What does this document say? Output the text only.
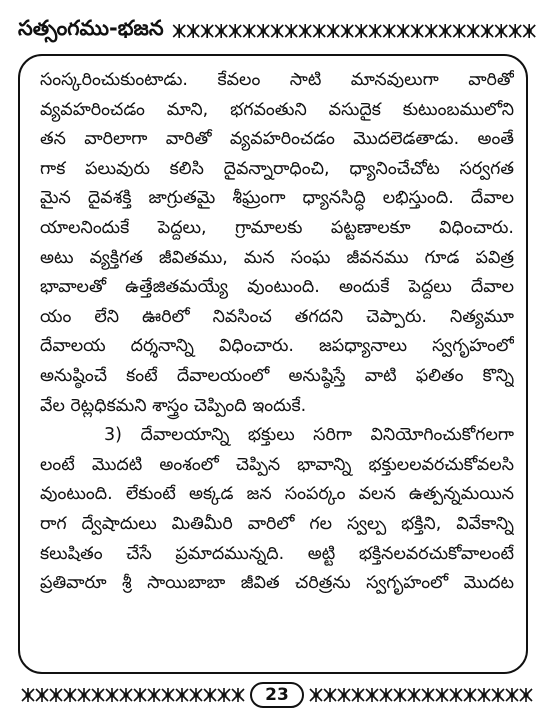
సత్సంగము-భజన
సంస్కరించుకుంటాడు. కేవలం సాటి మానవులుగా వారితో
వ్యవహరించడం మాని, భగవంతుని వసుదైక కుటుంబములోని
తన వారిలాగా వారితో వ్యవహరించడం మొదలెడతాడు. అంతే
గాక పలువురు కలిసి దైవన్నారాధించి, ధ్యానించేచోట సర్వగత
మైన దైవశక్తి జాగ్రుతమై శీఘ్రంగా ధ్యానసిద్ధి లభిస్తుంది. దేవాల
యాలనిందుకే పెద్దలు, గ్రామాలకు పట్టణాలకూ విధించారు.
అటు వ్యక్తిగత జీవితము, మన సంఘ జీవనము గూడ పవిత్ర
భావాలతో ఉత్తేజితమయ్యే వుంటుంది. అందుకే పెద్దలు దేవాల
యం లేని ఊరిలో నివసించ తగదని చెప్పారు. నిత్యమూ
దేవాలయ దర్శనాన్ని విధించారు. జపధ్యానాలు స్వగృహంలో
అనుష్ఠించే కంటే దేవాలయంలో అనుష్ఠిస్తే వాటి ఫలితం కొన్ని
వేల రెట్లధికమని శాస్త్రం చెప్పింది ఇందుకే.
3) దేవాలయాన్ని భక్తులు సరిగా వినియోగించుకోగలగా
లంటే మొదటి అంశంలో చెప్పిన భావాన్ని భక్తులలవరచుకోవలసి
వుంటుంది. లేకుంటే అక్కడ జన సంపర్కం వలన ఉత్పన్నమయిన
రాగ ద్వేషాదులు మితిమీరి వారిలో గల స్వల్ప భక్తిని, వివేకాన్ని
కలుషితం చేసే ప్రమాదమున్నది. అట్టి భక్తినలవరచుకోవాలంటే
ప్రతివారూ శ్రీ సాయిబాబా జీవిత చరిత్రను స్వగృహంలో మొదట
23
